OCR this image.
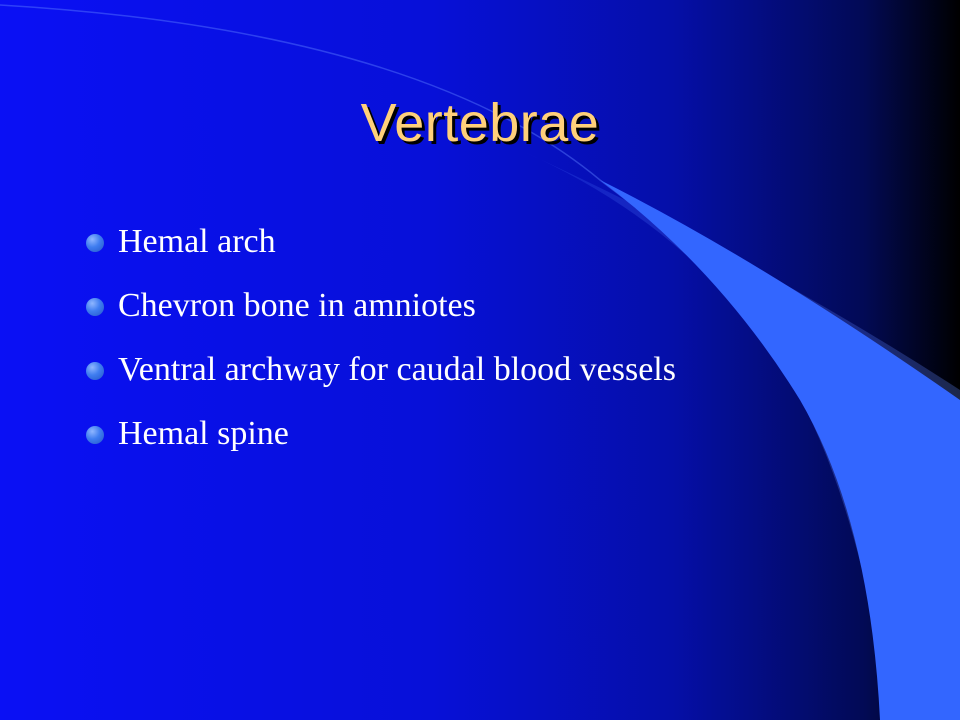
Vertebrae
Hemal arch
Chevron bone in amniotes
Ventral archway for caudal blood vessels
Hemal spine
